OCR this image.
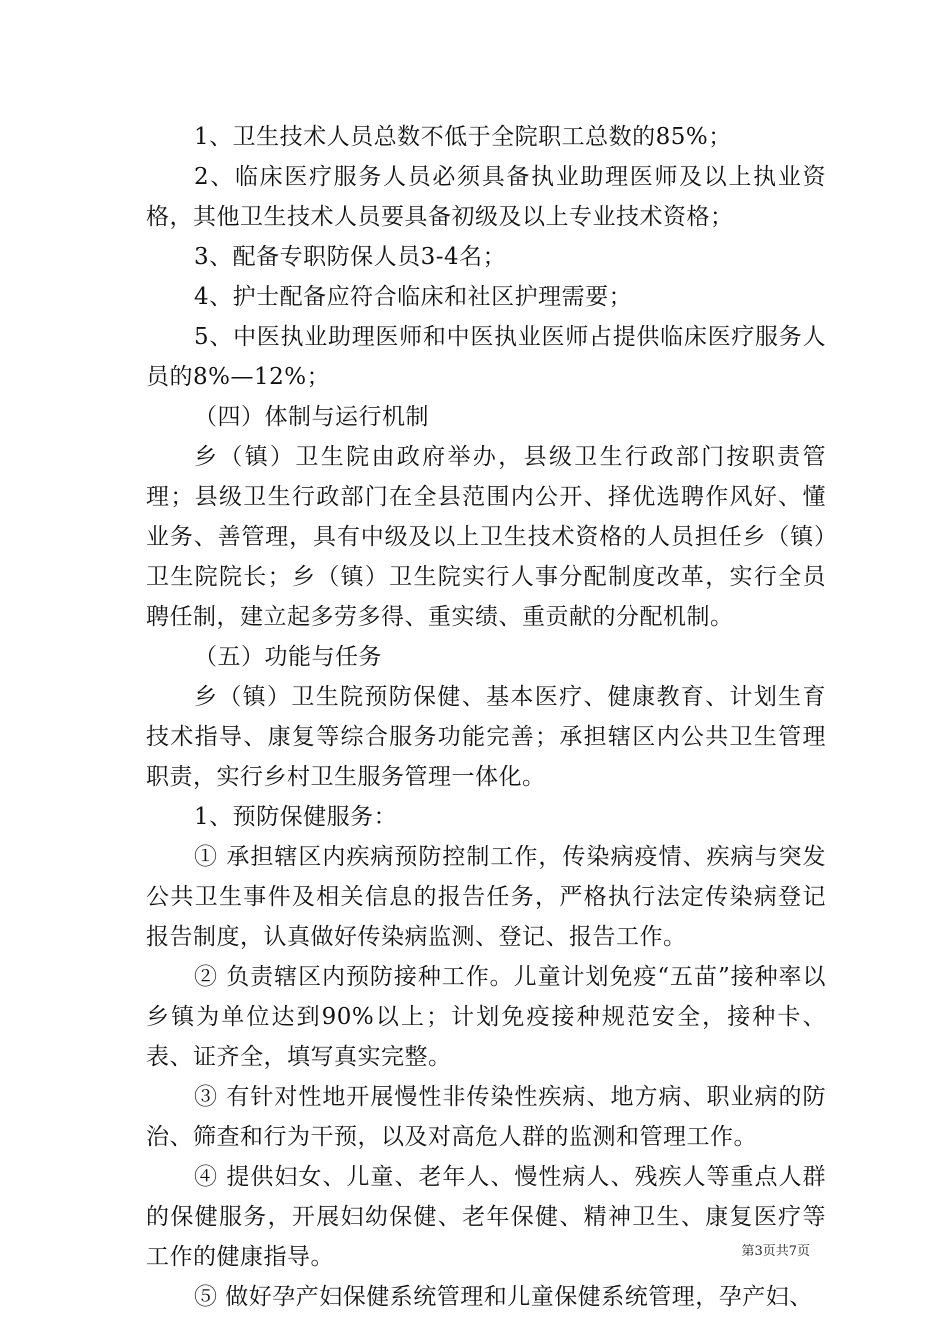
1、卫生技术人员总数不低于全院职工总数的85%；

2、临床医疗服务人员必须具备执业助理医师及以上执业资格，其他卫生技术人员要具备初级及以上专业技术资格；

3、配备专职防保人员3-4名；

4、护士配备应符合临床和社区护理需要；

5、中医执业助理医师和中医执业医师占提供临床医疗服务人员的8%—12%；

（四）体制与运行机制

乡（镇）卫生院由政府举办，县级卫生行政部门按职责管理；县级卫生行政部门在全县范围内公开、择优选聘作风好、懂业务、善管理，具有中级及以上卫生技术资格的人员担任乡（镇）卫生院院长；乡（镇）卫生院实行人事分配制度改革，实行全员聘任制，建立起多劳多得、重实绩、重贡献的分配机制。

（五）功能与任务

乡（镇）卫生院预防保健、基本医疗、健康教育、计划生育技术指导、康复等综合服务功能完善；承担辖区内公共卫生管理职责，实行乡村卫生服务管理一体化。

1、预防保健服务：

① 承担辖区内疾病预防控制工作，传染病疫情、疾病与突发公共卫生事件及相关信息的报告任务，严格执行法定传染病登记报告制度，认真做好传染病监测、登记、报告工作。

② 负责辖区内预防接种工作。儿童计划免疫“五苗”接种率以乡镇为单位达到90%以上；计划免疫接种规范安全，接种卡、表、证齐全，填写真实完整。

③ 有针对性地开展慢性非传染性疾病、地方病、职业病的防治、筛查和行为干预，以及对高危人群的监测和管理工作。

④ 提供妇女、儿童、老年人、慢性病人、残疾人等重点人群的保健服务，开展妇幼保健、老年保健、精神卫生、康复医疗等工作的健康指导。

⑤ 做好孕产妇保健系统管理和儿童保健系统管理，孕产妇、

第3页共7页
